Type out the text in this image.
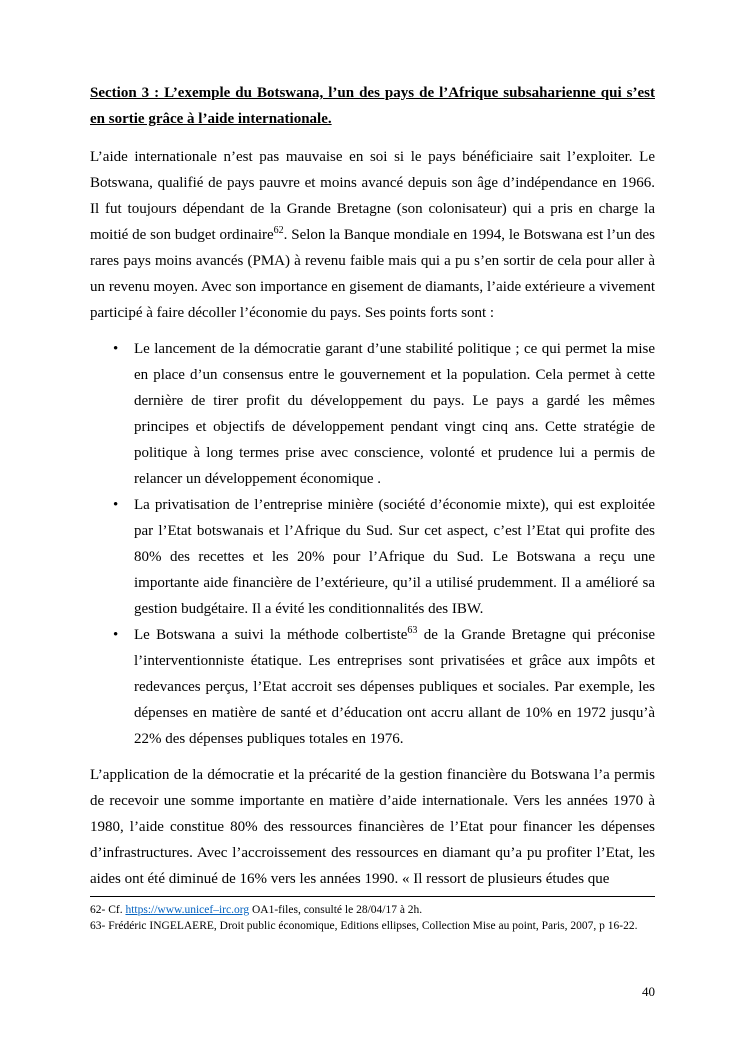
Section 3 : L’exemple du Botswana, l’un des pays de l’Afrique subsaharienne qui s’est en sortie grâce à l’aide internationale.

L’aide internationale n’est pas mauvaise en soi si le pays bénéficiaire sait l’exploiter. Le Botswana, qualifié de pays pauvre et moins avancé depuis son âge d’indépendance en 1966. Il fut toujours dépendant de la Grande Bretagne (son colonisateur) qui a pris en charge la moitié de son budget ordinaire$^{62}$. Selon la Banque mondiale en 1994, le Botswana est l’un des rares pays moins avancés (PMA) à revenu faible mais qui a pu s’en sortir de cela pour aller à un revenu moyen. Avec son importance en gisement de diamants, l’aide extérieure a vivement participé à faire décoller l’économie du pays. Ses points forts sont :

• Le lancement de la démocratie garant d’une stabilité politique ; ce qui permet la mise en place d’un consensus entre le gouvernement et la population. Cela permet à cette dernière de tirer profit du développement du pays. Le pays a gardé les mêmes principes et objectifs de développement pendant vingt cinq ans. Cette stratégie de politique à long termes prise avec conscience, volonté et prudence lui a permis de relancer un développement économique .
• La privatisation de l’entreprise minière (société d’économie mixte), qui est exploitée par l’Etat botswanais et l’Afrique du Sud. Sur cet aspect, c’est l’Etat qui profite des 80% des recettes et les 20% pour l’Afrique du Sud. Le Botswana a reçu une importante aide financière de l’extérieure, qu’il a utilisé prudemment. Il a amélioré sa gestion budgétaire. Il a évité les conditionnalités des IBW.
• Le Botswana a suivi la méthode colbertiste$^{63}$ de la Grande Bretagne qui préconise l’interventionniste étatique. Les entreprises sont privatisées et grâce aux impôts et redevances perçus, l’Etat accroit ses dépenses publiques et sociales. Par exemple, les dépenses en matière de santé et d’éducation ont accru allant de 10% en 1972 jusqu’à 22% des dépenses publiques totales en 1976.

L’application de la démocratie et la précarité de la gestion financière du Botswana l’a permis de recevoir une somme importante en matière d’aide internationale. Vers les années 1970 à 1980, l’aide constitue 80% des ressources financières de l’Etat pour financer les dépenses d’infrastructures. Avec l’accroissement des ressources en diamant qu’a pu profiter l’Etat, les aides ont été diminué de 16% vers les années 1990. « Il ressort de plusieurs études que

62- Cf. https://www.unicef–irc.org OA1-files, consulté le 28/04/17 à 2h.

63- Frédéric INGELAERE, Droit public économique, Editions ellipses, Collection Mise au point, Paris, 2007, p 16-22.

40
